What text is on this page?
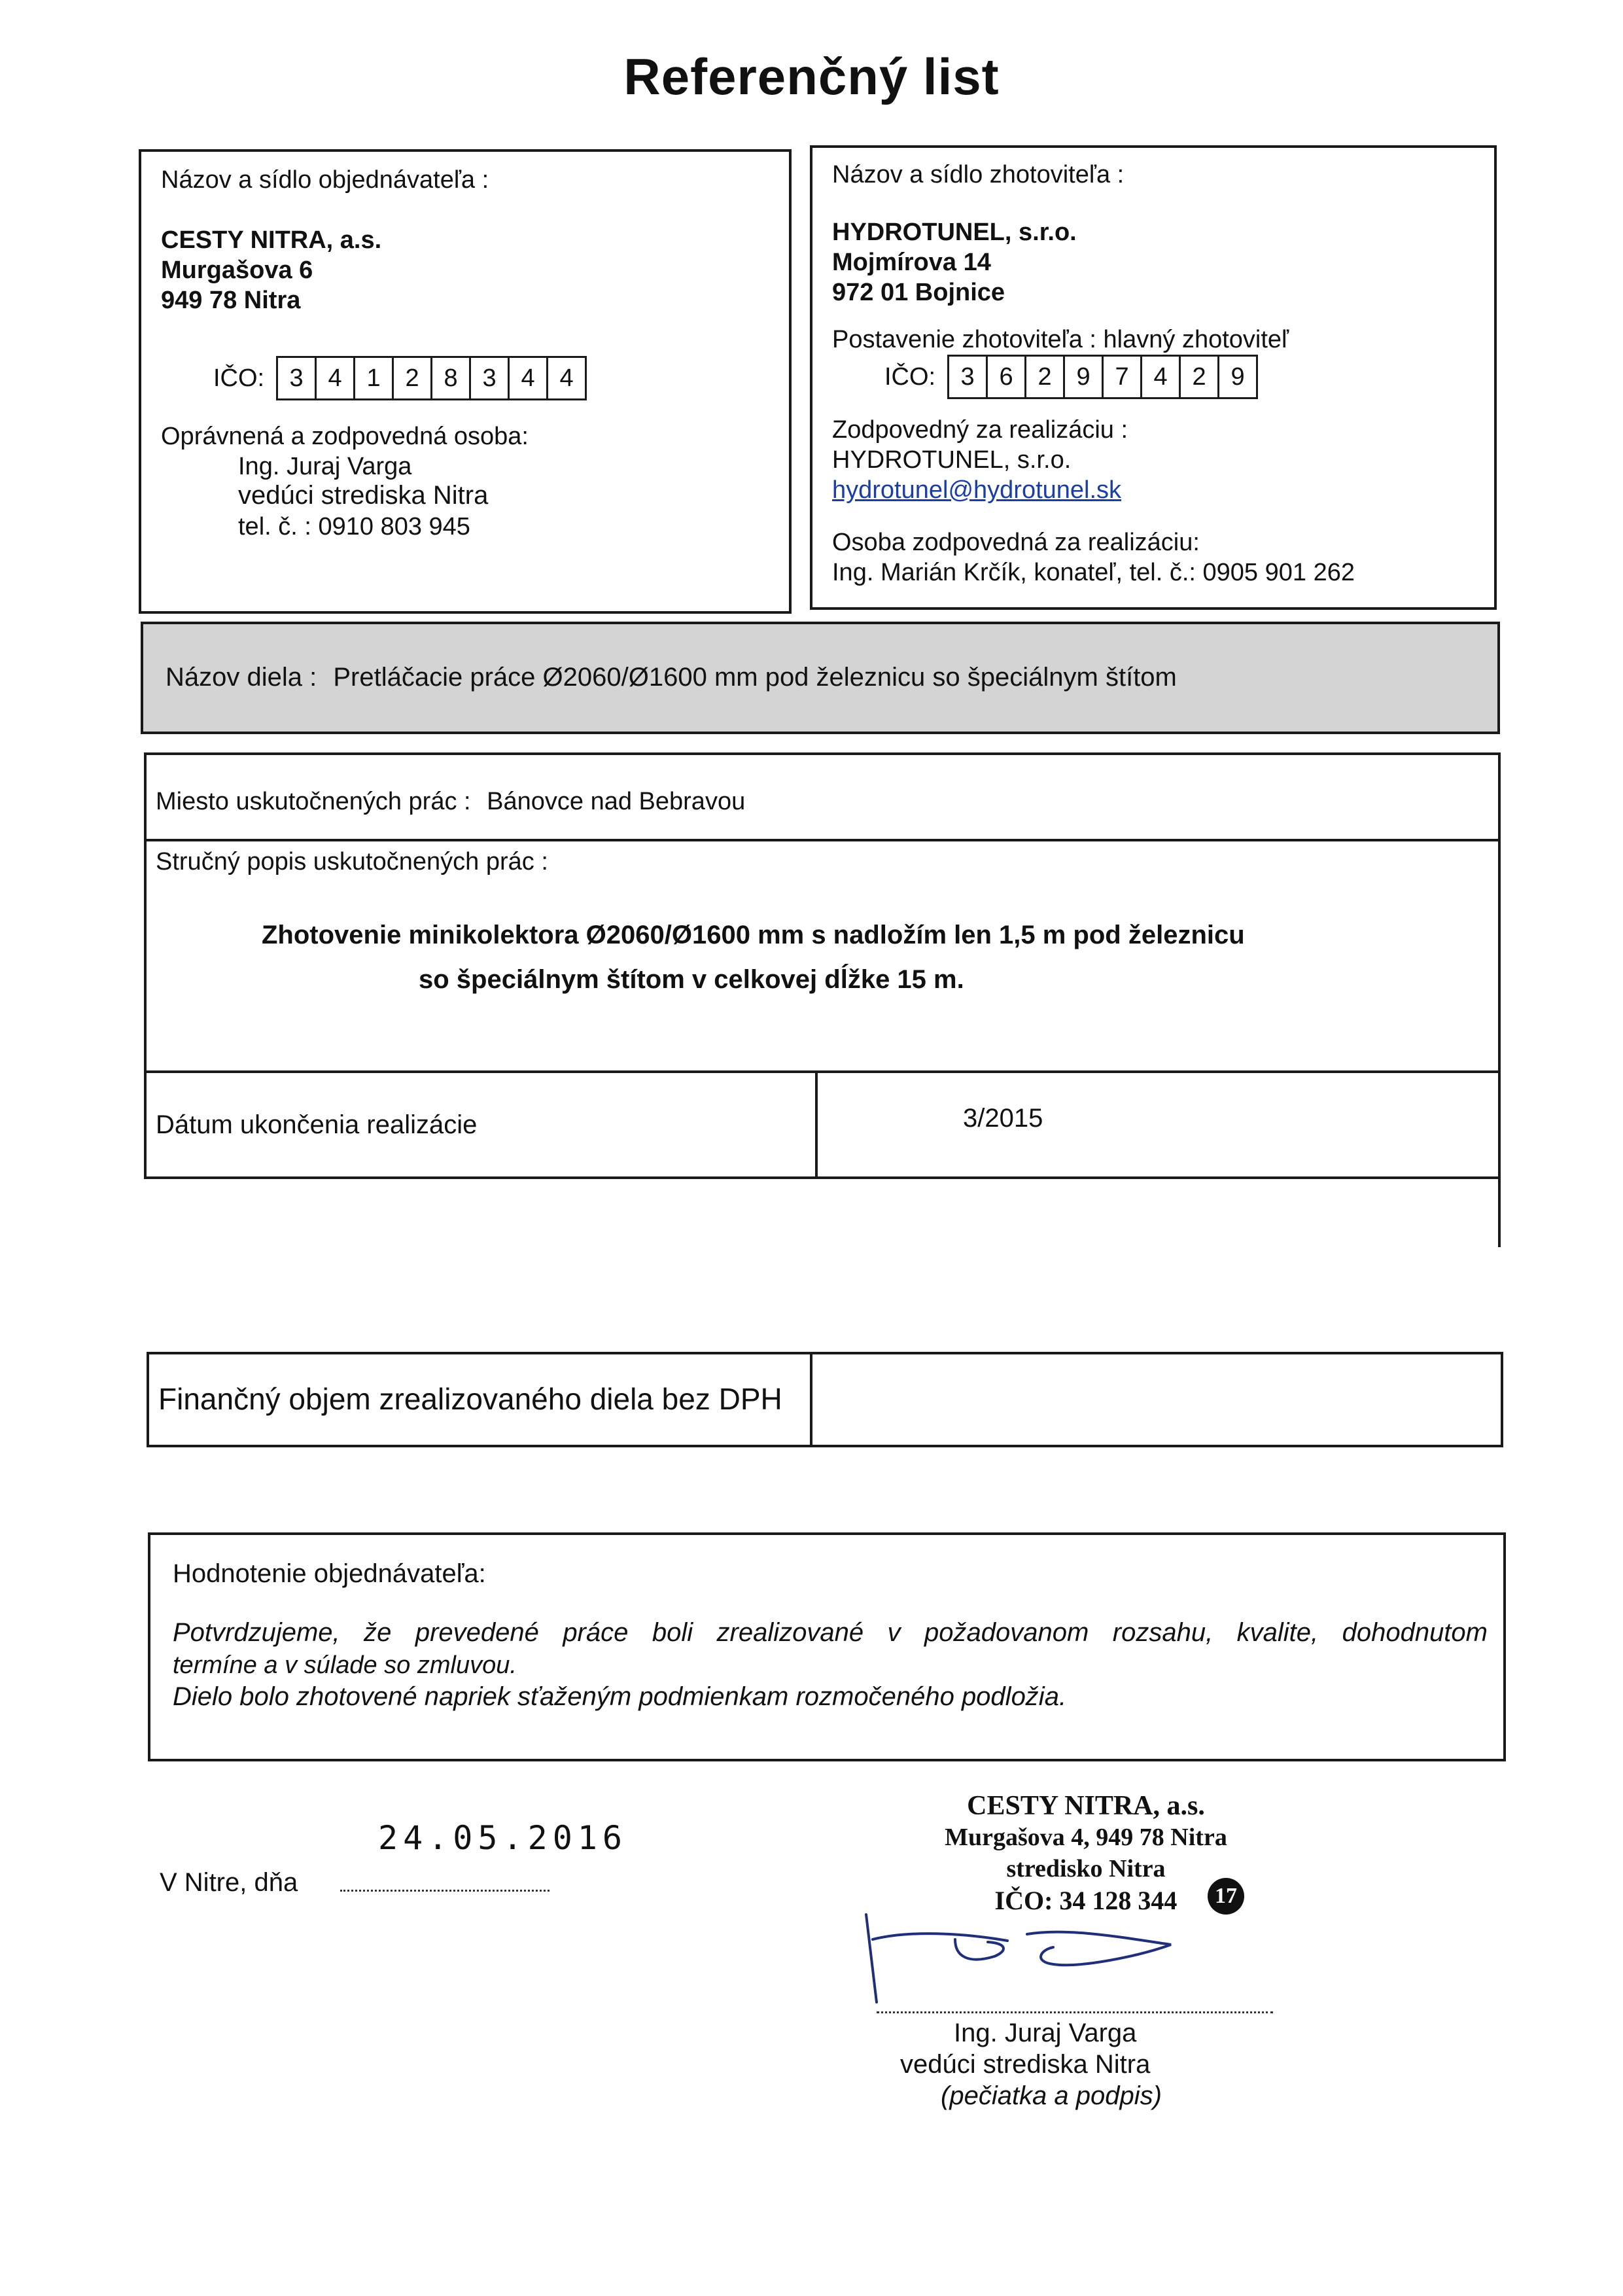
Referenčný list
Názov a sídlo objednávateľa :
CESTY NITRA, a.s.
Murgašova 6
949 78 Nitra
IČO:	3 4 1 2 8 3 4 4
Oprávnená a zodpovedná osoba:
Ing. Juraj Varga
vedúci strediska Nitra
tel. č. : 0910 803 945
Názov a sídlo zhotoviteľa :
HYDROTUNEL, s.r.o.
Mojmírova 14
972 01 Bojnice
Postavenie zhotoviteľa : hlavný zhotoviteľ
IČO:	3 6 2 9 7 4 2 9
Zodpovedný za realizáciu :
HYDROTUNEL, s.r.o.
hydrotunel@hydrotunel.sk
Osoba zodpovedná za realizáciu:
Ing. Marián Krčík, konateľ, tel. č.: 0905 901 262
Názov diela : Pretláčacie práce Ø2060/Ø1600 mm pod železnicu so špeciálnym štítom
Miesto uskutočnených prác : Bánovce nad Bebravou
Stručný popis uskutočnených prác :
Zhotovenie minikolektora Ø2060/Ø1600 mm s nadložím len 1,5 m pod železnicu
so špeciálnym štítom v celkovej dĺžke 15 m.
Dátum ukončenia realizácie	3/2015
Finančný objem zrealizovaného diela bez DPH
Hodnotenie objednávateľa:
Potvrdzujeme, že prevedené práce boli zrealizované v požadovanom rozsahu, kvalite, dohodnutom
termíne a v súlade so zmluvou.
Dielo bolo zhotovené napriek sťaženým podmienkam rozmočeného podložia.
24.05.2016
V Nitre, dňa
CESTY NITRA, a.s.
Murgašova 4, 949 78 Nitra
stredisko Nitra
IČO: 34 128 344	17
Ing. Juraj Varga
vedúci strediska Nitra
(pečiatka a podpis)
